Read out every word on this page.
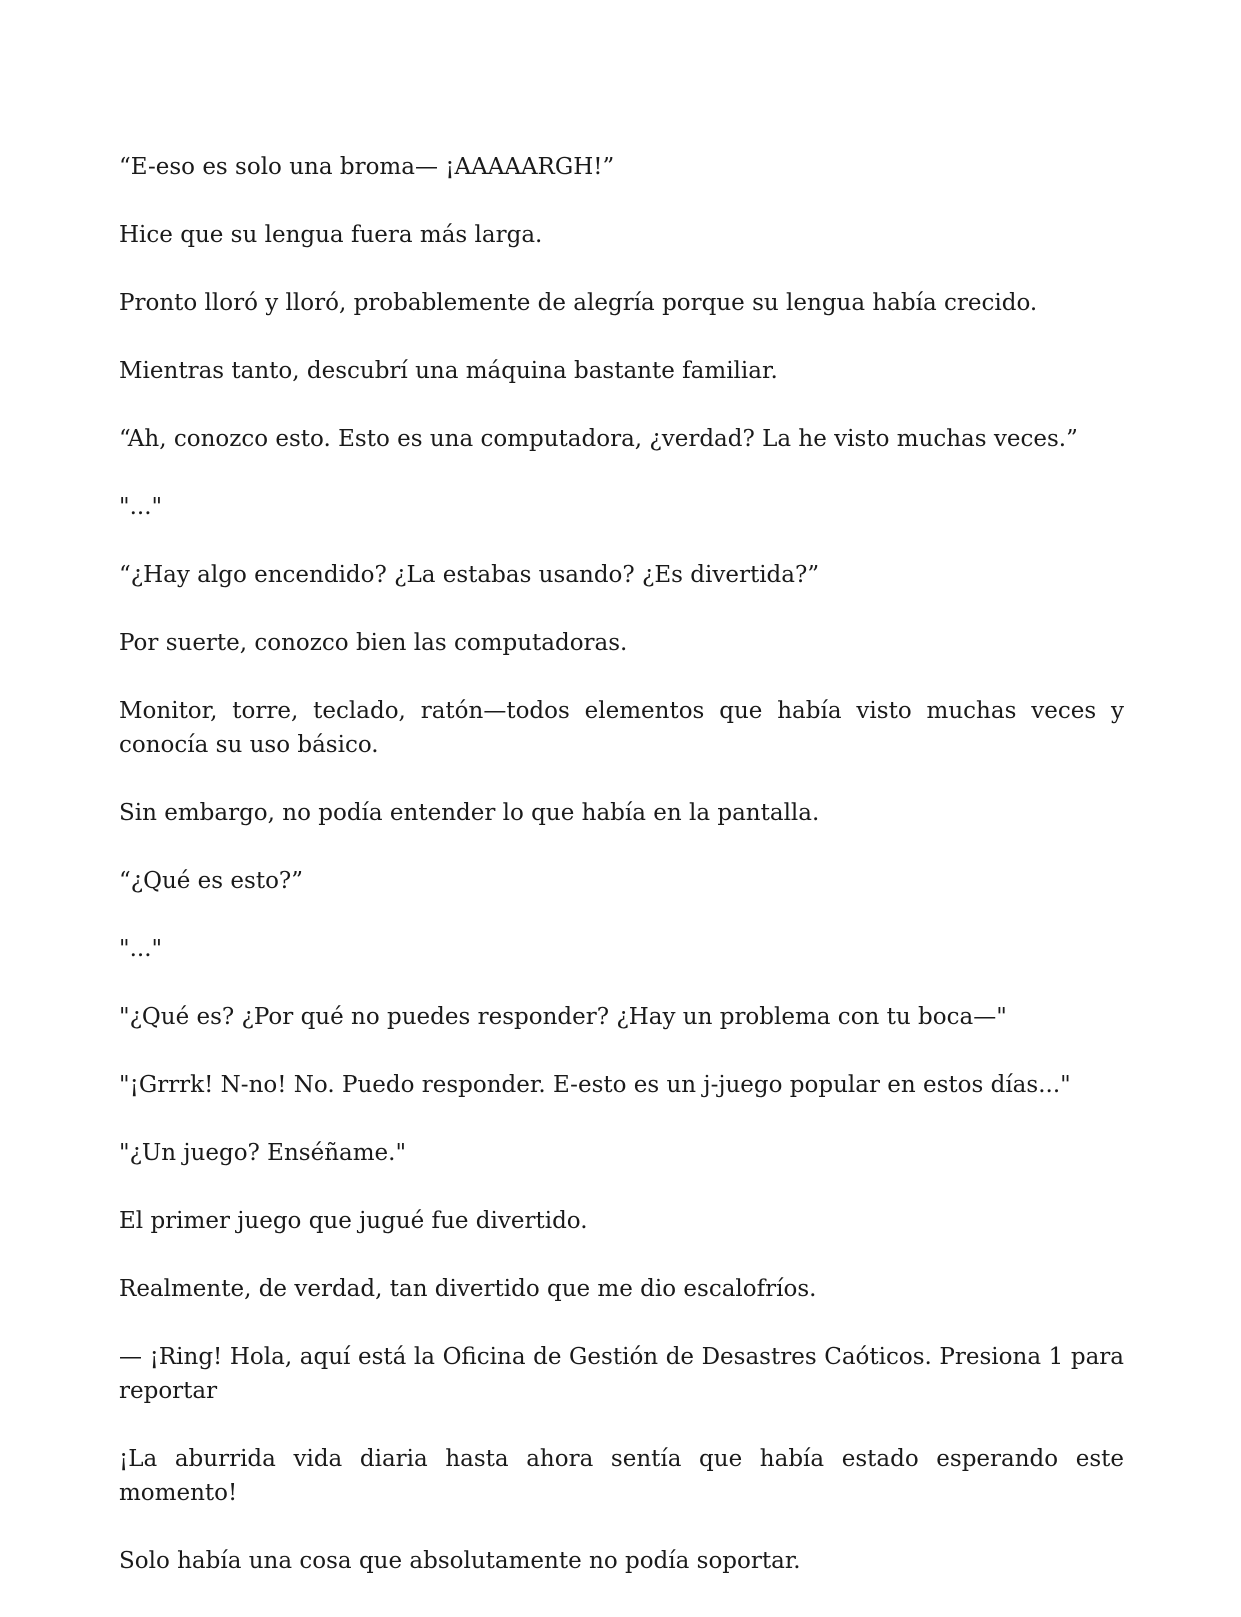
“E-eso es solo una broma— ¡AAAAARGH!”

Hice que su lengua fuera más larga.

Pronto lloró y lloró, probablemente de alegría porque su lengua había crecido.

Mientras tanto, descubrí una máquina bastante familiar.

“Ah, conozco esto. Esto es una computadora, ¿verdad? La he visto muchas veces.”

"..."

“¿Hay algo encendido? ¿La estabas usando? ¿Es divertida?”

Por suerte, conozco bien las computadoras.

Monitor, torre, teclado, ratón—todos elementos que había visto muchas veces y conocía su uso básico.

Sin embargo, no podía entender lo que había en la pantalla.

“¿Qué es esto?”

"..."

"¿Qué es? ¿Por qué no puedes responder? ¿Hay un problema con tu boca—"

"¡Grrrk! N-no! No. Puedo responder. E-esto es un j-juego popular en estos días..."

"¿Un juego? Enséñame."

El primer juego que jugué fue divertido.

Realmente, de verdad, tan divertido que me dio escalofríos.

— ¡Ring! Hola, aquí está la Oficina de Gestión de Desastres Caóticos. Presiona 1 para reportar

¡La aburrida vida diaria hasta ahora sentía que había estado esperando este momento!

Solo había una cosa que absolutamente no podía soportar.
